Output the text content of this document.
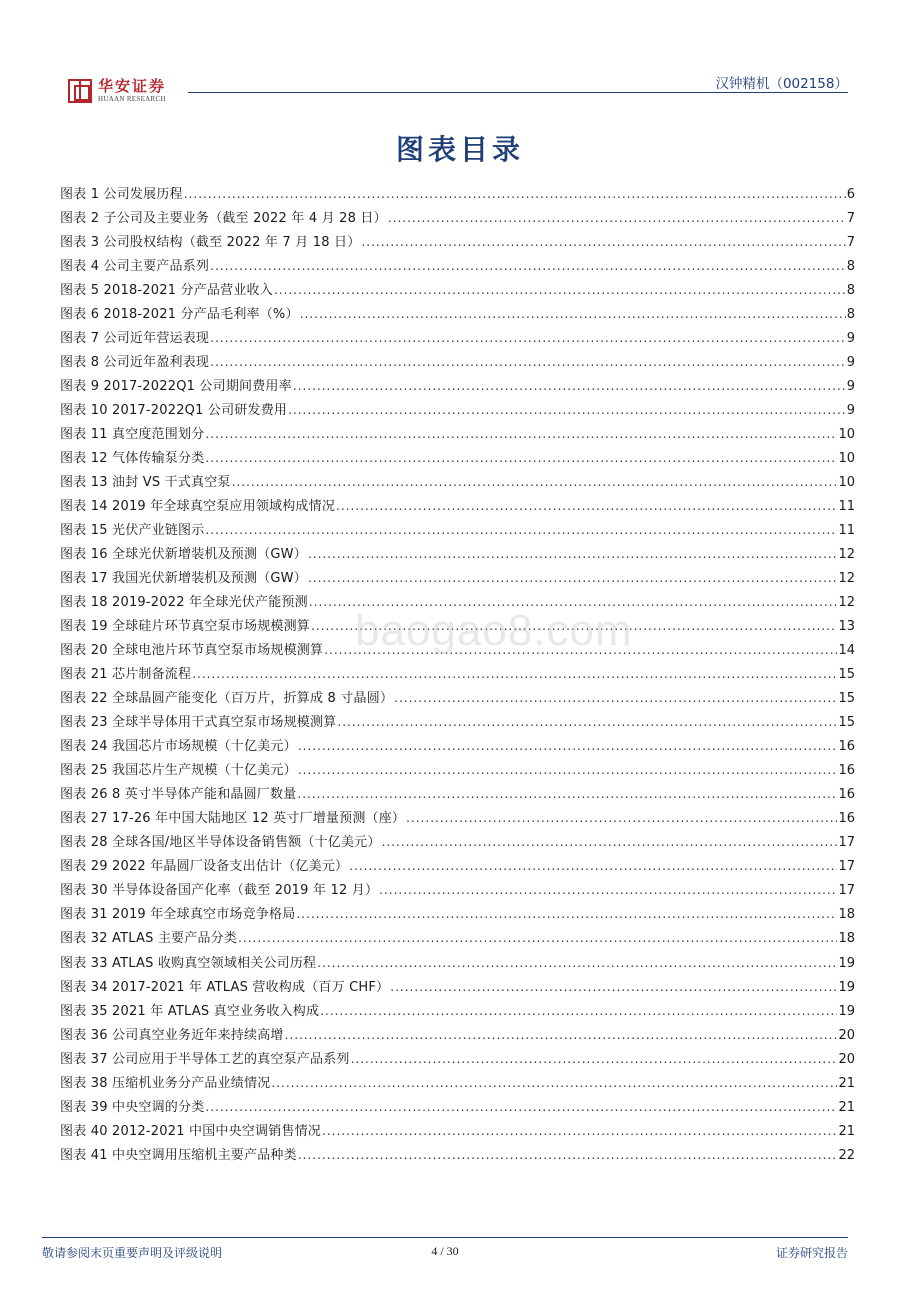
华安证券
HUAAN RESEARCH
汉钟精机（002158）
图表目录
图表 1 公司发展历程 .....	6
图表 2 子公司及主要业务（截至 2022 年 4 月 28 日） .....	7
图表 3 公司股权结构（截至 2022 年 7 月 18 日） .....	7
图表 4 公司主要产品系列 .....	8
图表 5 2018-2021 分产品营业收入 .....	8
图表 6 2018-2021 分产品毛利率（%） .....	8
图表 7 公司近年营运表现 .....	9
图表 8 公司近年盈利表现 .....	9
图表 9 2017-2022Q1 公司期间费用率 .....	9
图表 10 2017-2022Q1 公司研发费用 .....	9
图表 11 真空度范围划分 .....	10
图表 12 气体传输泵分类 .....	10
图表 13 油封 VS 干式真空泵 .....	10
图表 14 2019 年全球真空泵应用领域构成情况 .....	11
图表 15 光伏产业链图示 .....	11
图表 16 全球光伏新增装机及预测（GW） .....	12
图表 17 我国光伏新增装机及预测（GW） .....	12
图表 18 2019-2022 年全球光伏产能预测 .....	12
图表 19 全球硅片环节真空泵市场规模测算 .....	13
图表 20 全球电池片环节真空泵市场规模测算 .....	14
图表 21 芯片制备流程 .....	15
图表 22 全球晶圆产能变化（百万片，折算成 8 寸晶圆） .....	15
图表 23 全球半导体用干式真空泵市场规模测算 .....	15
图表 24 我国芯片市场规模（十亿美元） .....	16
图表 25 我国芯片生产规模（十亿美元） .....	16
图表 26 8 英寸半导体产能和晶圆厂数量 .....	16
图表 27 17-26 年中国大陆地区 12 英寸厂增量预测（座） .....	16
图表 28 全球各国/地区半导体设备销售额（十亿美元） .....	17
图表 29 2022 年晶圆厂设备支出估计（亿美元） .....	17
图表 30 半导体设备国产化率（截至 2019 年 12 月） .....	17
图表 31 2019 年全球真空市场竞争格局 .....	18
图表 32 ATLAS 主要产品分类 .....	18
图表 33 ATLAS 收购真空领域相关公司历程 .....	19
图表 34 2017-2021 年 ATLAS 营收构成（百万 CHF） .....	19
图表 35 2021 年 ATLAS 真空业务收入构成 .....	19
图表 36 公司真空业务近年来持续高增 .....	20
图表 37 公司应用于半导体工艺的真空泵产品系列 .....	20
图表 38 压缩机业务分产品业绩情况 .....	21
图表 39 中央空调的分类 .....	21
图表 40 2012-2021 中国中央空调销售情况 .....	21
图表 41 中央空调用压缩机主要产品种类 .....	22
baogao8.com
敬请参阅末页重要声明及评级说明	4 / 30	证券研究报告
